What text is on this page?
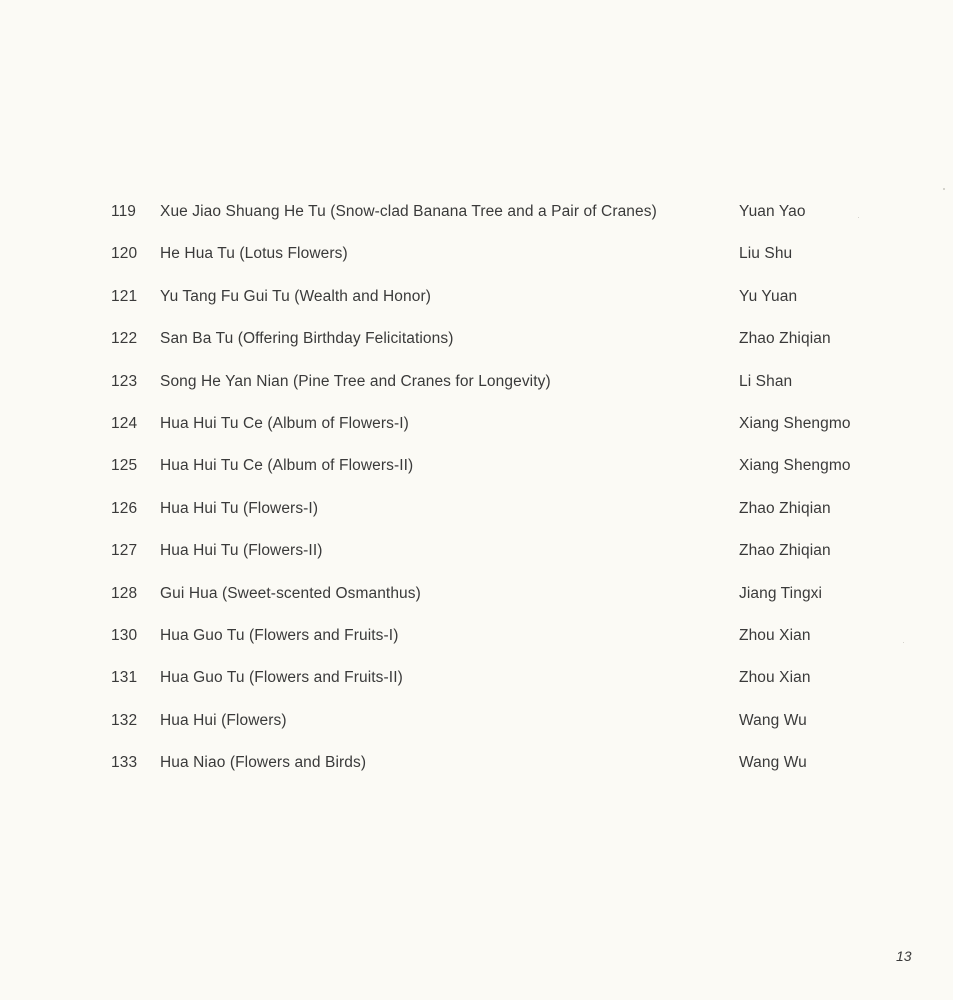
119 Xue Jiao Shuang He Tu (Snow-clad Banana Tree and a Pair of Cranes)	Yuan Yao
120 He Hua Tu (Lotus Flowers)	Liu Shu
121 Yu Tang Fu Gui Tu (Wealth and Honor)	Yu Yuan
122 San Ba Tu (Offering Birthday Felicitations)	Zhao Zhiqian
123 Song He Yan Nian (Pine Tree and Cranes for Longevity)	Li Shan
124 Hua Hui Tu Ce (Album of Flowers-I)	Xiang Shengmo
125 Hua Hui Tu Ce (Album of Flowers-II)	Xiang Shengmo
126 Hua Hui Tu (Flowers-I)	Zhao Zhiqian
127 Hua Hui Tu (Flowers-II)	Zhao Zhiqian
128 Gui Hua (Sweet-scented Osmanthus)	Jiang Tingxi
130 Hua Guo Tu (Flowers and Fruits-I)	Zhou Xian
131 Hua Guo Tu (Flowers and Fruits-II)	Zhou Xian
132 Hua Hui (Flowers)	Wang Wu
133 Hua Niao (Flowers and Birds)	Wang Wu
13
